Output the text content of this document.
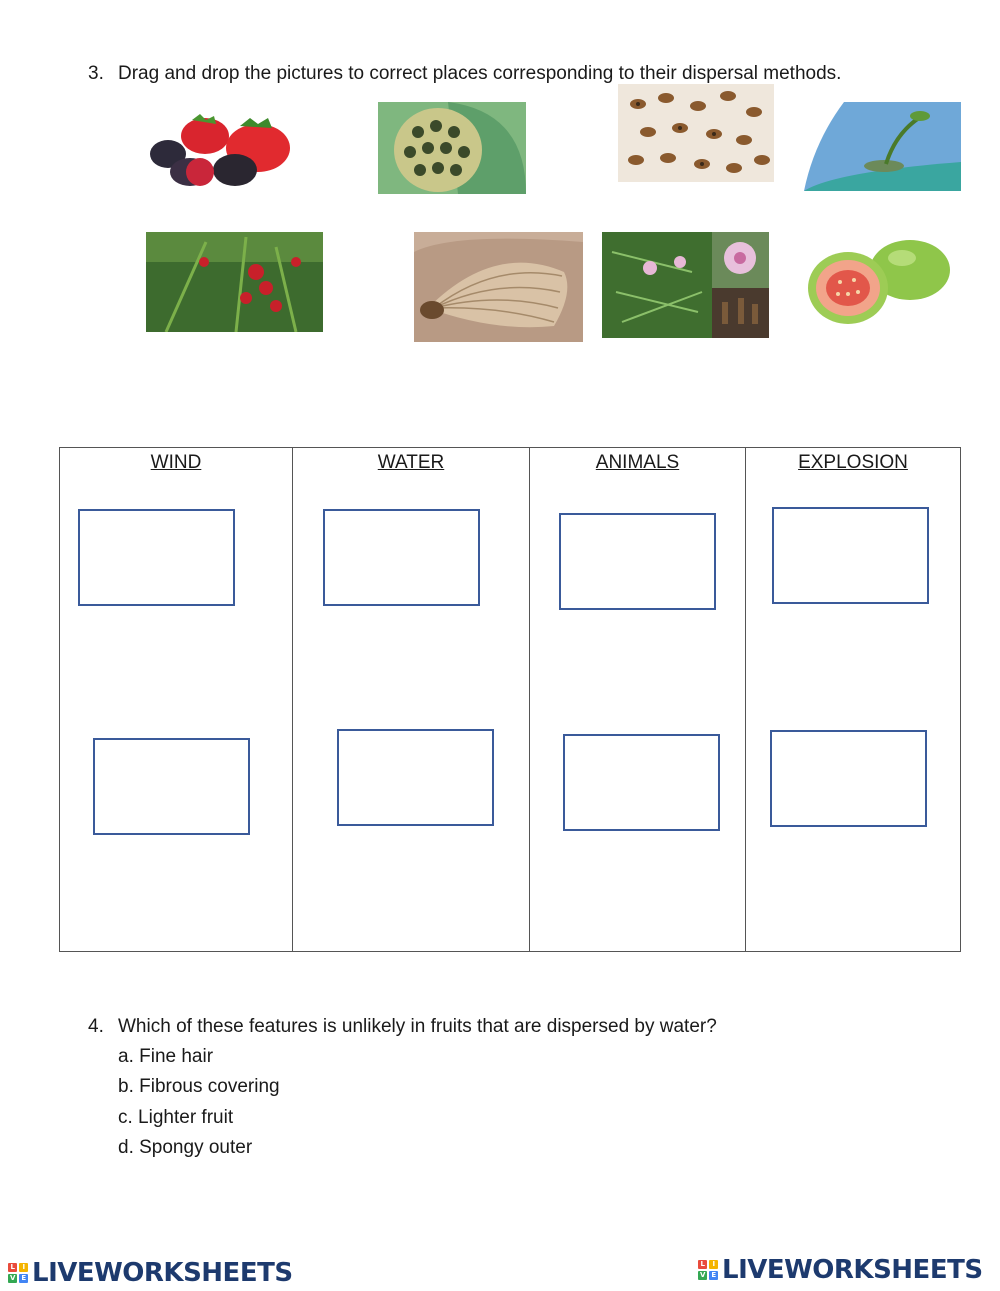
3. Drag and drop the pictures to correct places corresponding to their dispersal methods.
WIND	WATER	ANIMALS	EXPLOSION
4. Which of these features is unlikely in fruits that are dispersed by water?
a. Fine hair
b. Fibrous covering
c. Lighter fruit
d. Spongy outer
L	I
V E LIVEWORKSHEETS	L	I
V E LIVEWORKSHEETS
